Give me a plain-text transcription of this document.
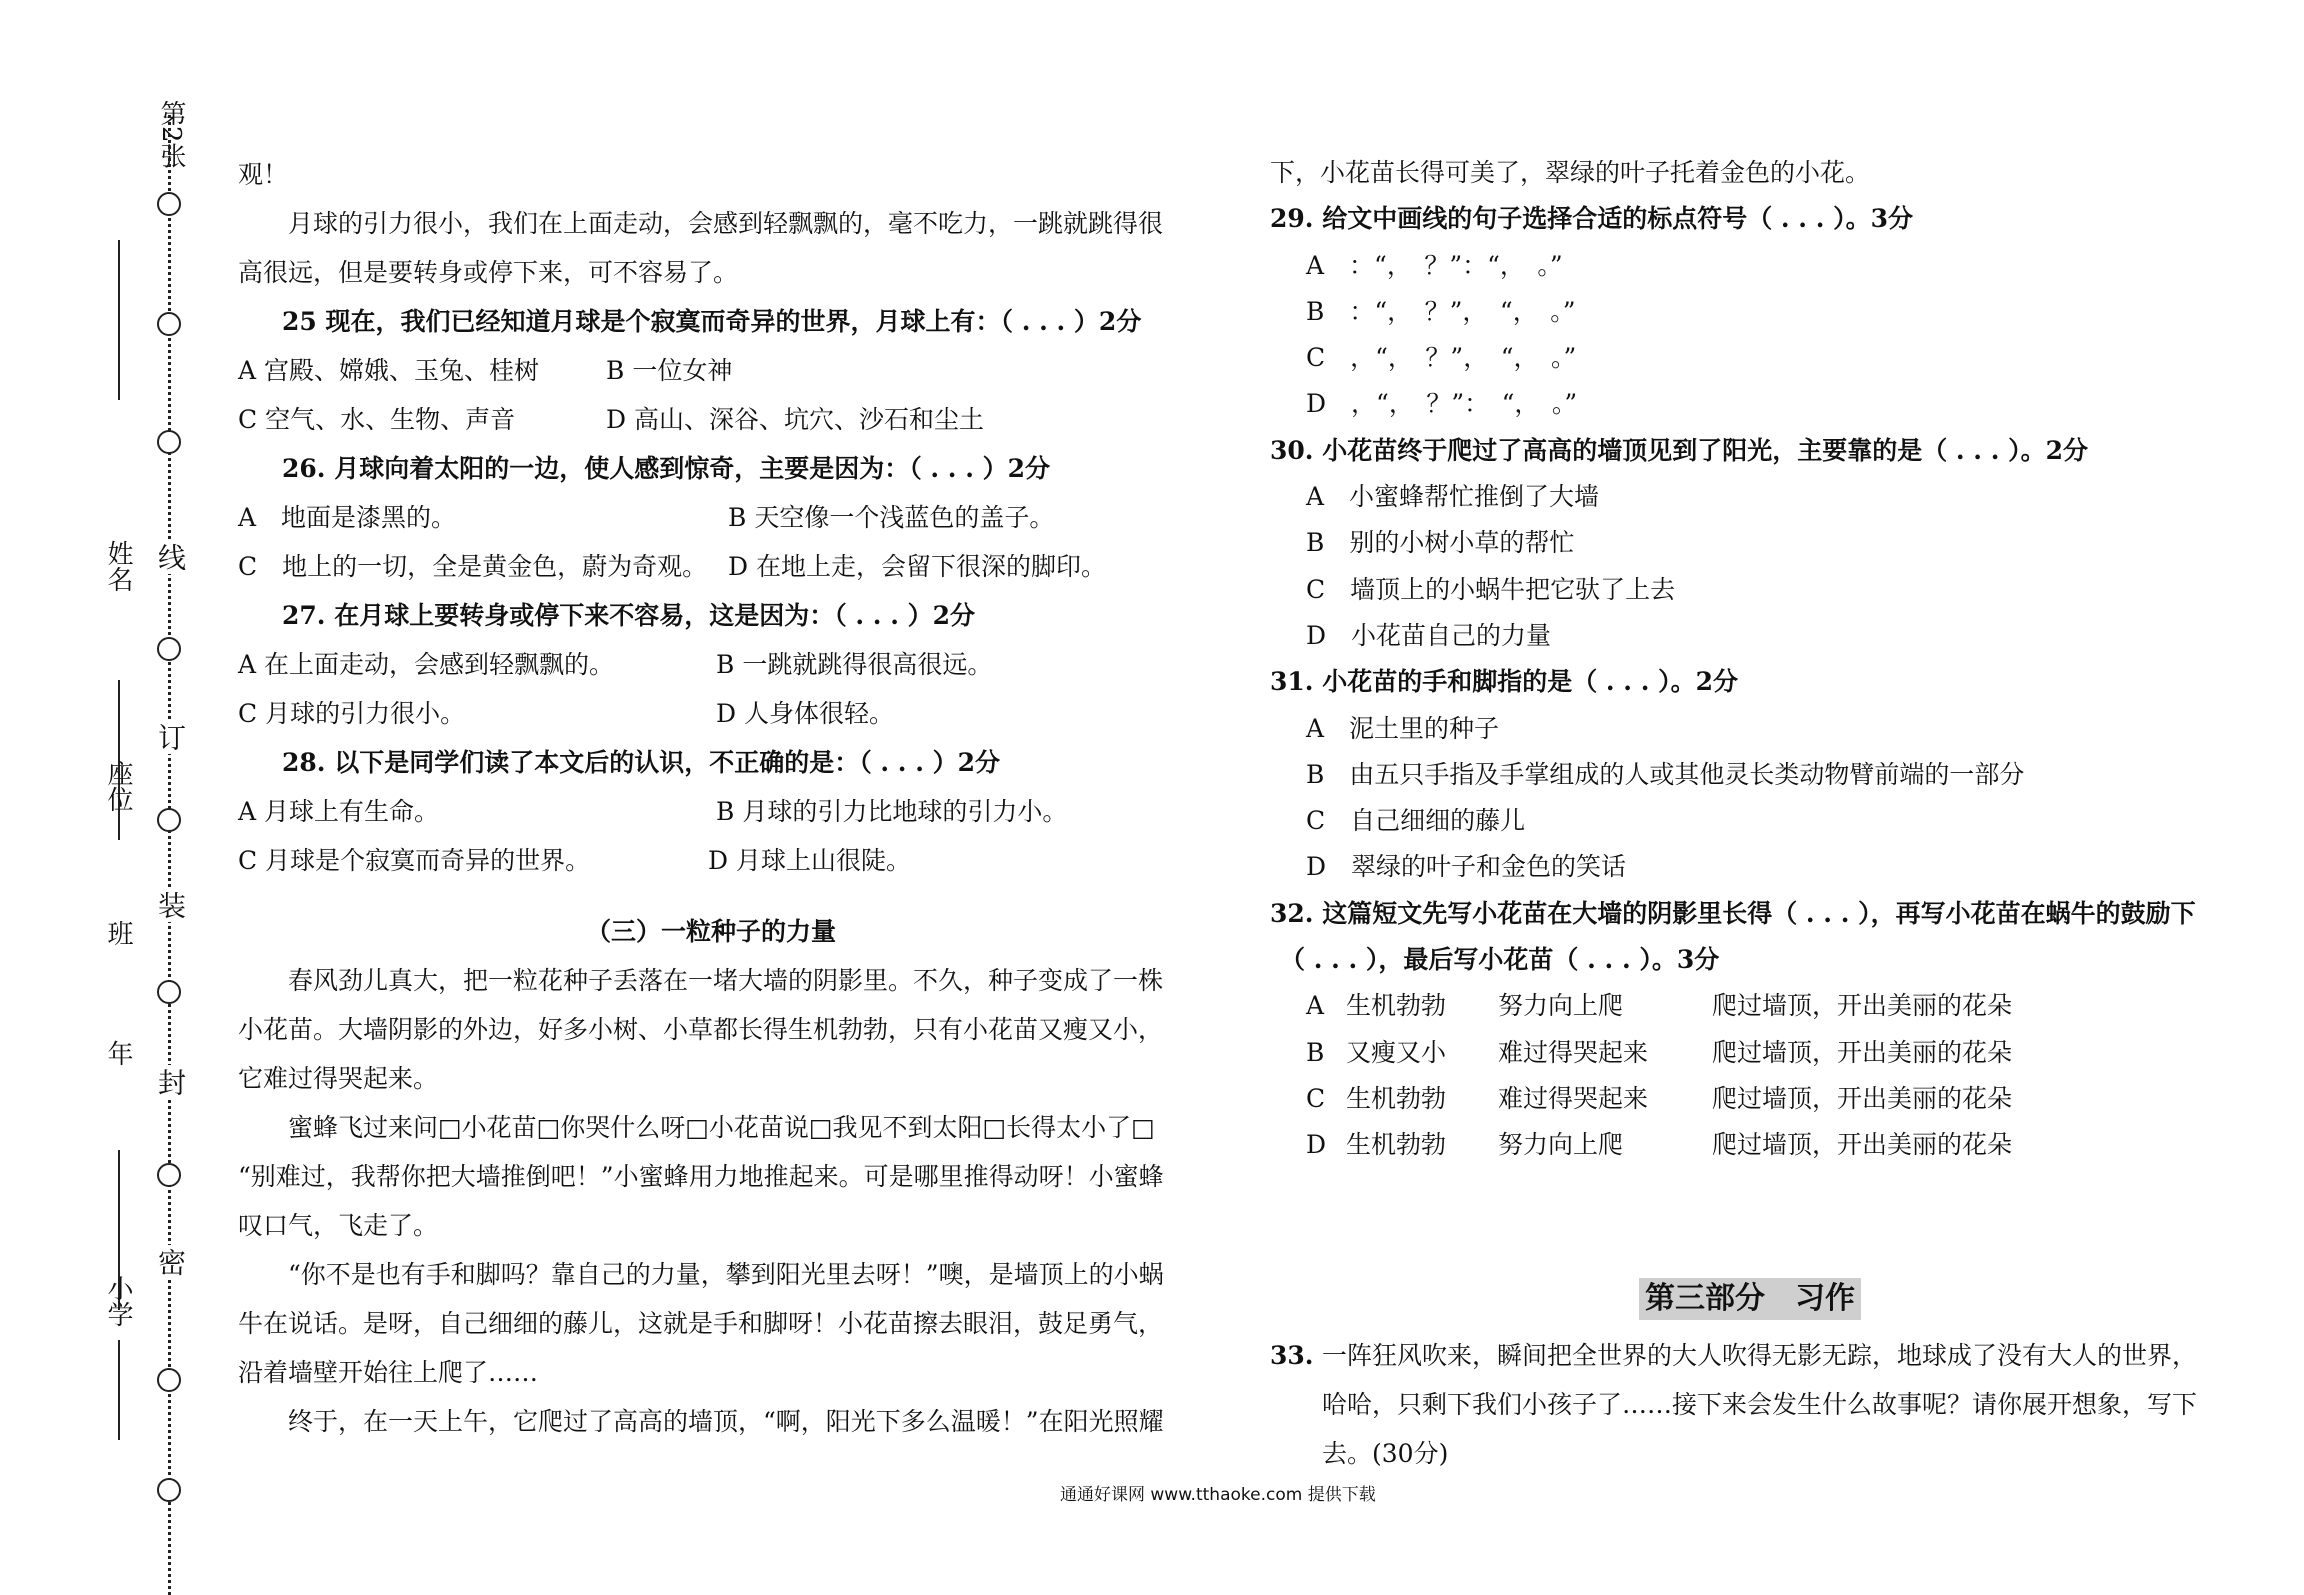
第2张
姓名
座位
班
年
小学
线
订
装
封
密
观！
月球的引力很小，我们在上面走动，会感到轻飘飘的，毫不吃力，一跳就跳得很
高很远，但是要转身或停下来，可不容易了。
25 现在，我们已经知道月球是个寂寞而奇异的世界，月球上有：（ . . . ）2分
A 宫殿、嫦娥、玉兔、桂树	B 一位女神
C 空气、水、生物、声音	D 高山、深谷、坑穴、沙石和尘土
26. 月球向着太阳的一边，使人感到惊奇，主要是因为：（ . . . ）2分
A　地面是漆黑的。	B 天空像一个浅蓝色的盖子。
C　地上的一切，全是黄金色，蔚为奇观。 D 在地上走，会留下很深的脚印。
27. 在月球上要转身或停下来不容易，这是因为：（ . . . ）2分
A 在上面走动，会感到轻飘飘的。	B 一跳就跳得很高很远。
C 月球的引力很小。	D 人身体很轻。
28. 以下是同学们读了本文后的认识，不正确的是：（ . . . ）2分
A 月球上有生命。	B 月球的引力比地球的引力小。
C 月球是个寂寞而奇异的世界。	D 月球上山很陡。
（三）一粒种子的力量
春风劲儿真大，把一粒花种子丢落在一堵大墙的阴影里。不久，种子变成了一株
小花苗。大墙阴影的外边，好多小树、小草都长得生机勃勃，只有小花苗又瘦又小，
它难过得哭起来。
蜜蜂飞过来问□小花苗□你哭什么呀□小花苗说□我见不到太阳□长得太小了□
“别难过，我帮你把大墙推倒吧！”小蜜蜂用力地推起来。可是哪里推得动呀！小蜜蜂
叹口气，飞走了。
“你不是也有手和脚吗？靠自己的力量，攀到阳光里去呀！”噢，是墙顶上的小蜗
牛在说话。是呀，自己细细的藤儿，这就是手和脚呀！小花苗擦去眼泪，鼓足勇气，
沿着墙壁开始往上爬了……
终于，在一天上午，它爬过了高高的墙顶，“啊，阳光下多么温暖！”在阳光照耀
下，小花苗长得可美了，翠绿的叶子托着金色的小花。
29. 给文中画线的句子选择合适的标点符号（ . . . ）。3分
A　：“，　？”：“，　。”
B　：“，　？”，　“，　。”
C　，“，　？”，　“，　。”
D　，“，　？”：　“，　。”
30. 小花苗终于爬过了高高的墙顶见到了阳光，主要靠的是（ . . . ）。2分
A　小蜜蜂帮忙推倒了大墙
B　别的小树小草的帮忙
C　墙顶上的小蜗牛把它驮了上去
D　小花苗自己的力量
31. 小花苗的手和脚指的是（ . . . ）。2分
A　泥土里的种子
B　由五只手指及手掌组成的人或其他灵长类动物臂前端的一部分
C　自己细细的藤儿
D　翠绿的叶子和金色的笑话
32. 这篇短文先写小花苗在大墙的阴影里长得（ . . . ），再写小花苗在蜗牛的鼓励下
（ . . . ），最后写小花苗（ . . . ）。3分
A 生机勃勃	努力向上爬	爬过墙顶，开出美丽的花朵
B 又瘦又小	难过得哭起来	爬过墙顶，开出美丽的花朵
C 生机勃勃	难过得哭起来	爬过墙顶，开出美丽的花朵
D 生机勃勃	努力向上爬	爬过墙顶，开出美丽的花朵
第三部分　习作
33. 一阵狂风吹来，瞬间把全世界的大人吹得无影无踪，地球成了没有大人的世界，
哈哈，只剩下我们小孩子了……接下来会发生什么故事呢？请你展开想象，写下
去。(30分)
通通好课网 www.tthaoke.com 提供下载
